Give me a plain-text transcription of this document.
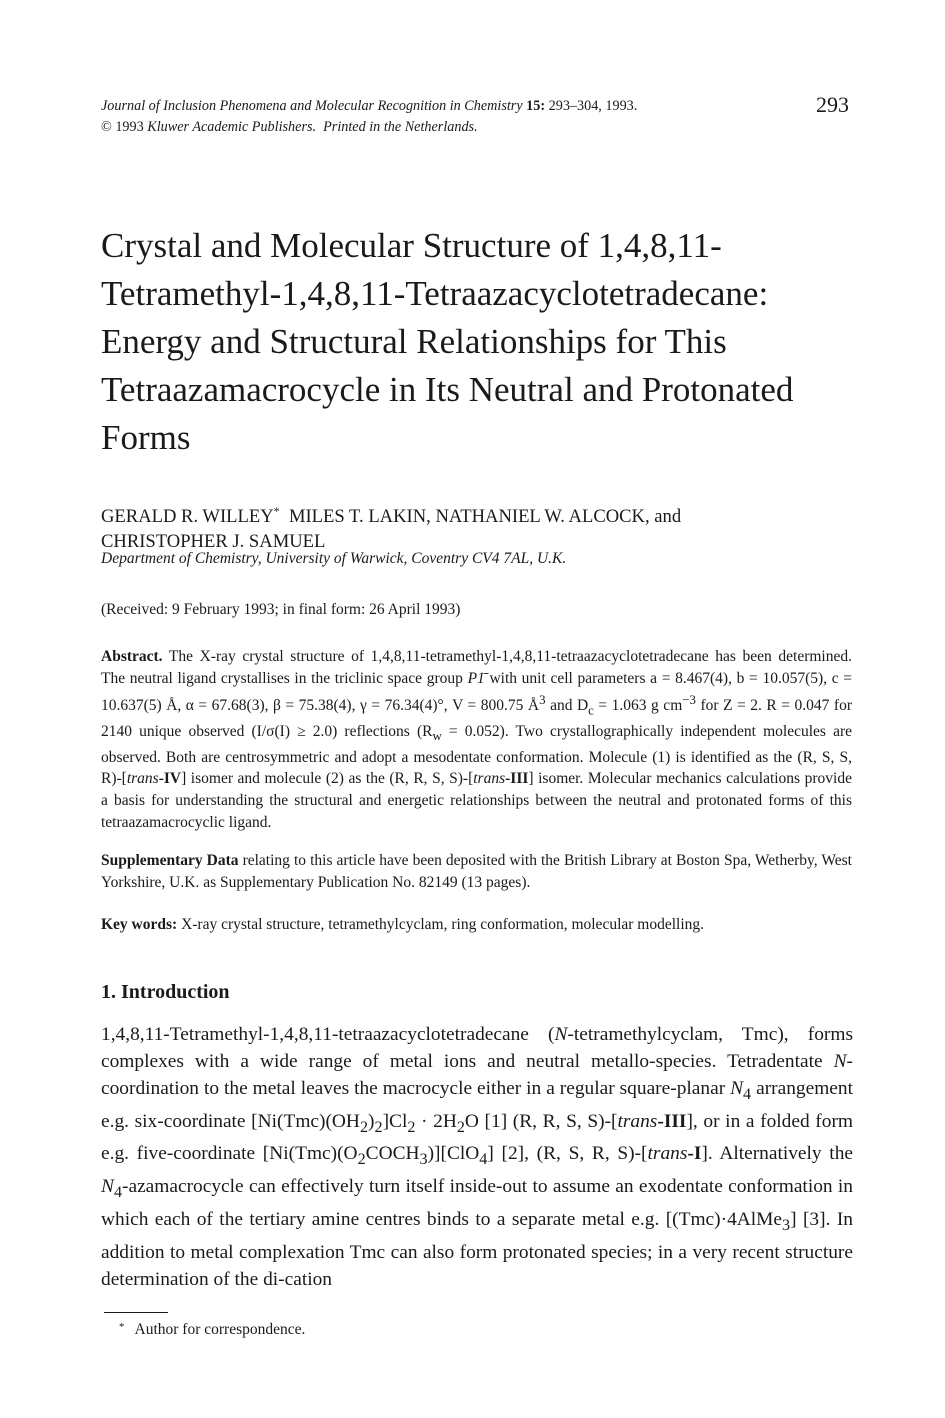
Journal of Inclusion Phenomena and Molecular Recognition in Chemistry 15: 293–304, 1993.
© 1993 Kluwer Academic Publishers. Printed in the Netherlands.
293
Crystal and Molecular Structure of 1,4,8,11-
Tetramethyl-1,4,8,11-Tetraazacyclotetradecane:
Energy and Structural Relationships for This
Tetraazamacrocycle in Its Neutral and Protonated
Forms
GERALD R. WILLEY* MILES T. LAKIN, NATHANIEL W. ALCOCK, and
CHRISTOPHER J. SAMUEL
Department of Chemistry, University of Warwick, Coventry CV4 7AL, U.K.
(Received: 9 February 1993; in final form: 26 April 1993)

Abstract. The X-ray crystal structure of 1,4,8,11-tetramethyl-1,4,8,11-tetraazacyclotetradecane has been determined. The neutral ligand crystallises in the triclinic space group P1̄ with unit cell parameters a = 8.467(4), b = 10.057(5), c = 10.637(5) Å, α = 67.68(3), β = 75.38(4), γ = 76.34(4)°, V = 800.75 $Å^3$ and $D_c = 1.063$ g $cm^{-3}$ for Z = 2. R = 0.047 for 2140 unique observed (I/σ(I) ≥ 2.0) reflections $(R_w = 0.052)$. Two crystallographically independent molecules are observed. Both are centrosymmetric and adopt a mesodentate conformation. Molecule (1) is identified as the (R, S, S, R)-[trans-IV] isomer and molecule (2) as the (R, R, S, S)-[trans-III] isomer. Molecular mechanics calculations provide a basis for understanding the structural and energetic relationships between the neutral and protonated forms of this tetraazamacrocyclic ligand.

Supplementary Data relating to this article have been deposited with the British Library at Boston Spa, Wetherby, West Yorkshire, U.K. as Supplementary Publication No. 82149 (13 pages).

Key words: X-ray crystal structure, tetramethylcyclam, ring conformation, molecular modelling.

1. Introduction

1,4,8,11-Tetramethyl-1,4,8,11-tetraazacyclotetradecane (N-tetramethylcyclam, Tmc), forms complexes with a wide range of metal ions and neutral metallo-species. Tetradentate N-coordination to the metal leaves the macrocycle either in a regular square-planar $N_4$ arrangement e.g. six-coordinate $[Ni(Tmc)(OH_2)_2]Cl_2 \cdot 2H_2O$ [1] (R, R, S, S)-[trans-III], or in a folded form e.g. five-coordinate $[Ni(Tmc)(O_2COCH_3)][ClO_4]$ [2], (R, S, R, S)-[trans-I]. Alternatively the $N_4$-azamacrocycle can effectively turn itself inside-out to assume an exodentate conformation in which each of the tertiary amine centres binds to a separate metal e.g. [(Tmc)·4AlMe$_3$] [3]. In addition to metal complexation Tmc can also form protonated species; in a very recent structure determination of the di-cation

* Author for correspondence.
